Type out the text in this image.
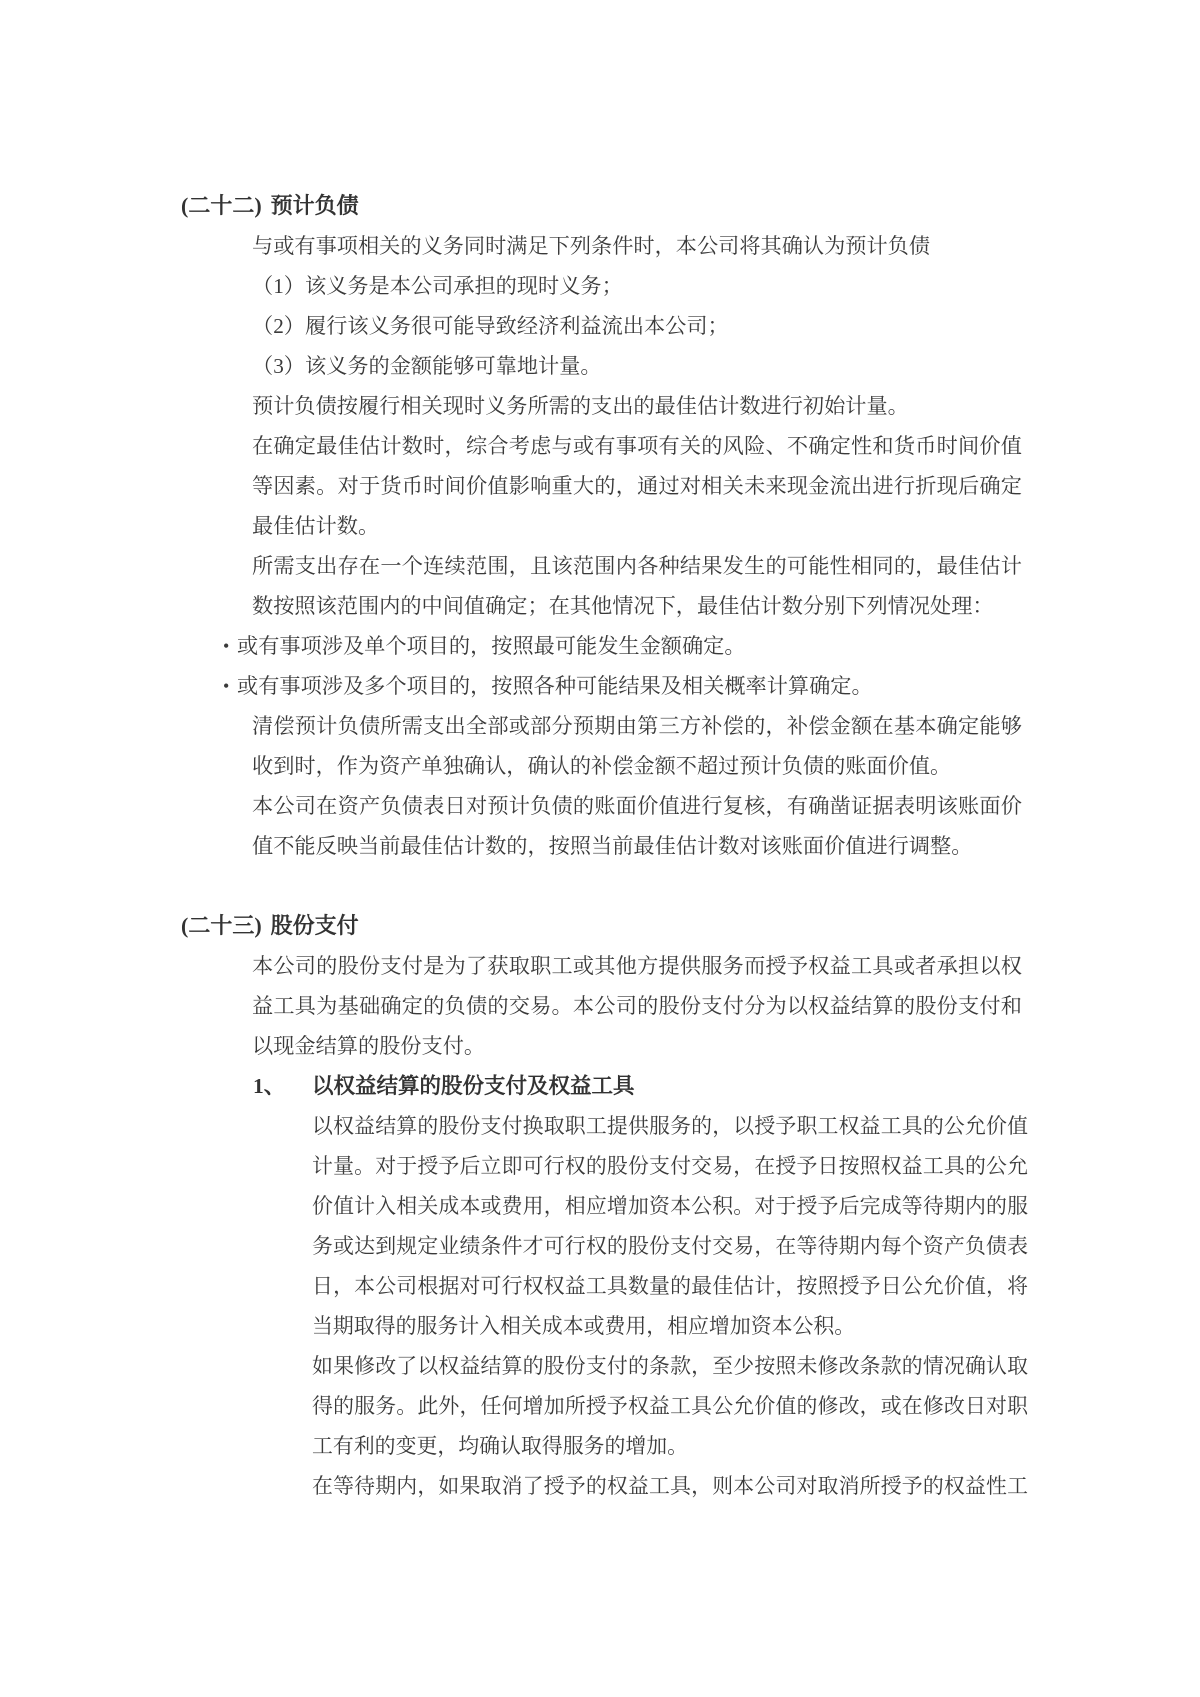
(二十二) 预计负债
与或有事项相关的义务同时满足下列条件时，本公司将其确认为预计负债
（1）该义务是本公司承担的现时义务；
（2）履行该义务很可能导致经济利益流出本公司；
（3）该义务的金额能够可靠地计量。
预计负债按履行相关现时义务所需的支出的最佳估计数进行初始计量。
在确定最佳估计数时，综合考虑与或有事项有关的风险、不确定性和货币时间价值
等因素。对于货币时间价值影响重大的，通过对相关未来现金流出进行折现后确定
最佳估计数。
所需支出存在一个连续范围，且该范围内各种结果发生的可能性相同的，最佳估计
数按照该范围内的中间值确定；在其他情况下，最佳估计数分别下列情况处理：
• 或有事项涉及单个项目的，按照最可能发生金额确定。
• 或有事项涉及多个项目的，按照各种可能结果及相关概率计算确定。
清偿预计负债所需支出全部或部分预期由第三方补偿的，补偿金额在基本确定能够
收到时，作为资产单独确认，确认的补偿金额不超过预计负债的账面价值。
本公司在资产负债表日对预计负债的账面价值进行复核，有确凿证据表明该账面价
值不能反映当前最佳估计数的，按照当前最佳估计数对该账面价值进行调整。
(二十三) 股份支付
本公司的股份支付是为了获取职工或其他方提供服务而授予权益工具或者承担以权
益工具为基础确定的负债的交易。本公司的股份支付分为以权益结算的股份支付和
以现金结算的股份支付。
1、 以权益结算的股份支付及权益工具
以权益结算的股份支付换取职工提供服务的，以授予职工权益工具的公允价值
计量。对于授予后立即可行权的股份支付交易，在授予日按照权益工具的公允
价值计入相关成本或费用，相应增加资本公积。对于授予后完成等待期内的服
务或达到规定业绩条件才可行权的股份支付交易，在等待期内每个资产负债表
日，本公司根据对可行权权益工具数量的最佳估计，按照授予日公允价值，将
当期取得的服务计入相关成本或费用，相应增加资本公积。
如果修改了以权益结算的股份支付的条款，至少按照未修改条款的情况确认取
得的服务。此外，任何增加所授予权益工具公允价值的修改，或在修改日对职
工有利的变更，均确认取得服务的增加。
在等待期内，如果取消了授予的权益工具，则本公司对取消所授予的权益性工
